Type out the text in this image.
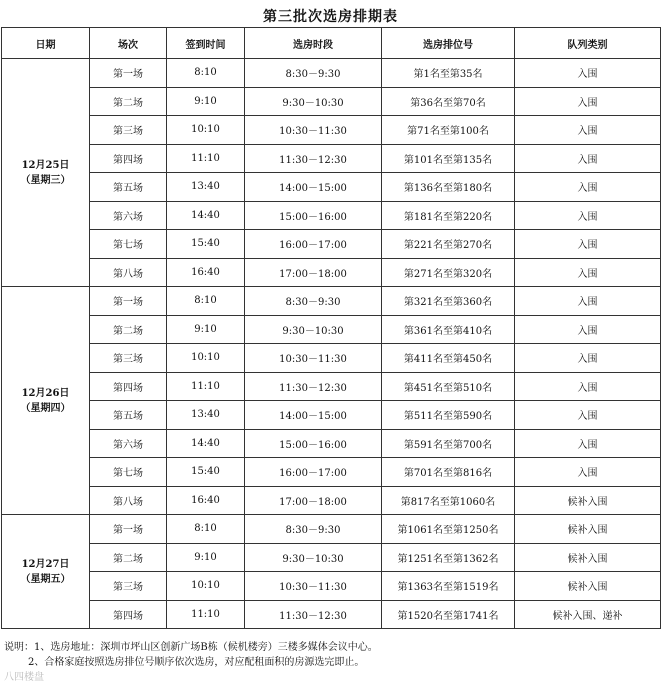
第三批次选房排期表
日期	场次	签到时间	选房时段	选房排位号	队列类别

12月25日
（星期三）	第一场	8:10	8:30－9:30	第1名至第35名	入围
	第二场	9:10	9:30－10:30	第36名至第70名	入围
	第三场	10:10	10:30－11:30	第71名至第100名	入围
	第四场	11:10	11:30－12:30	第101名至第135名	入围
	第五场	13:40	14:00－15:00	第136名至第180名	入围
	第六场	14:40	15:00－16:00	第181名至第220名	入围
	第七场	15:40	16:00－17:00	第221名至第270名	入围
	第八场	16:40	17:00－18:00	第271名至第320名	入围

12月26日
（星期四）	第一场	8:10	8:30－9:30	第321名至第360名	入围
	第二场	9:10	9:30－10:30	第361名至第410名	入围
	第三场	10:10	10:30－11:30	第411名至第450名	入围
	第四场	11:10	11:30－12:30	第451名至第510名	入围
	第五场	13:40	14:00－15:00	第511名至第590名	入围
	第六场	14:40	15:00－16:00	第591名至第700名	入围
	第七场	15:40	16:00－17:00	第701名至第816名	入围
	第八场	16:40	17:00－18:00	第817名至第1060名	候补入围

12月27日
（星期五）	第一场	8:10	8:30－9:30	第1061名至第1250名	候补入围
	第二场	9:10	9:30－10:30	第1251名至第1362名	候补入围
	第三场	10:10	10:30－11:30	第1363名至第1519名	候补入围
	第四场	11:10	11:30－12:30	第1520名至第1741名	候补入围、递补
说明：1、选房地址：深圳市坪山区创新广场B栋（候机楼旁）三楼多媒体会议中心。
2、合格家庭按照选房排位号顺序依次选房，对应配租面积的房源选完即止。
八四楼盘
